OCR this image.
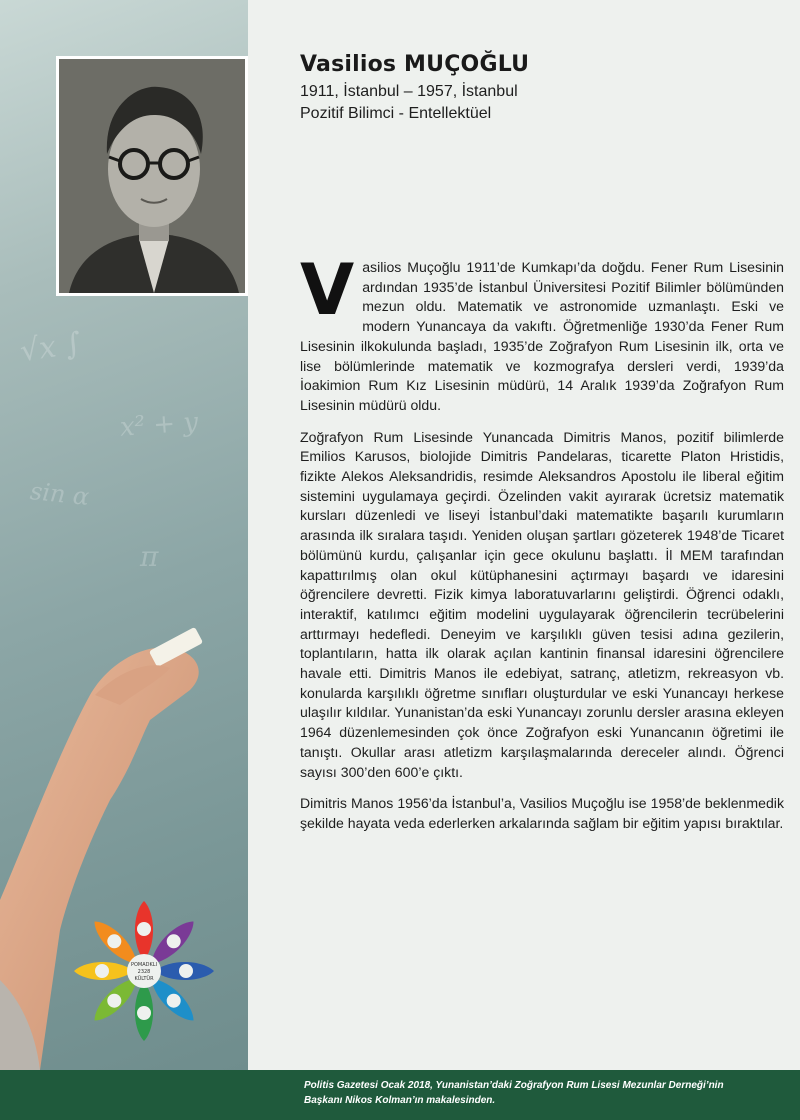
√x ∫
x² + y
sin α
π
POMADKLI
2328
KÜLTÜR
Vasilios MUÇOĞLU
1911, İstanbul – 1957, İstanbul
Pozitif Bilimci - Entellektüel

Vasilios Muçoğlu 1911’de Kumkapı’da doğdu. Fener Rum Lisesinin ardından 1935’de İstanbul Üniversitesi Pozitif Bilimler bölümünden mezun oldu. Matematik ve astronomide uzmanlaştı. Eski ve modern Yunancaya da vakıftı. Öğretmenliğe 1930’da Fener Rum Lisesinin ilkokulunda başladı, 1935’de Zoğrafyon Rum Lisesinin ilk, orta ve lise bölümlerinde matematik ve kozmografya dersleri verdi, 1939’da İoakimion Rum Kız Lisesinin müdürü, 14 Aralık 1939’da Zoğrafyon Rum Lisesinin müdürü oldu.

Zoğrafyon Rum Lisesinde Yunancada Dimitris Manos, pozitif bilimlerde Emilios Karusos, biolojide Dimitris Pandelaras, ticarette Platon Hristidis, fizikte Alekos Aleksandridis, resimde Aleksandros Apostolu ile liberal eğitim sistemini uygulamaya geçirdi. Özelinden vakit ayırarak ücretsiz matematik kursları düzenledi ve liseyi İstanbul’daki matematikte başarılı kurumların arasında ilk sıralara taşıdı. Yeniden oluşan şartları gözeterek 1948’de Ticaret bölümünü kurdu, çalışanlar için gece okulunu başlattı. İl MEM tarafından kapattırılmış olan okul kütüphanesini açtırmayı başardı ve idaresini öğrencilere devretti. Fizik kimya laboratuvarlarını geliştirdi. Öğrenci odaklı, interaktif, katılımcı eğitim modelini uygulayarak öğrencilerin tecrübelerini arttırmayı hedefledi. Deneyim ve karşılıklı güven tesisi adına gezilerin, toplantıların, hatta ilk olarak açılan kantinin finansal idaresini öğrencilere havale etti. Dimitris Manos ile edebiyat, satranç, atletizm, rekreasyon vb. konularda karşılıklı öğretme sınıfları oluşturdular ve eski Yunancayı herkese ulaşılır kıldılar. Yunanistan’da eski Yunancayı zorunlu dersler arasına ekleyen 1964 düzenlemesinden çok önce Zoğrafyon eski Yunancanın öğretimi ile tanıştı. Okullar arası atletizm karşılaşmalarında dereceler alındı. Öğrenci sayısı 300’den 600’e çıktı.

Dimitris Manos 1956’da İstanbul’a, Vasilios Muçoğlu ise 1958’de beklenmedik şekilde hayata veda ederlerken arkalarında sağlam bir eğitim yapısı bıraktılar.

Politis Gazetesi Ocak 2018, Yunanistan’daki Zoğrafyon Rum Lisesi Mezunlar Derneği’nin
Başkanı Nikos Kolman’ın makalesinden.
